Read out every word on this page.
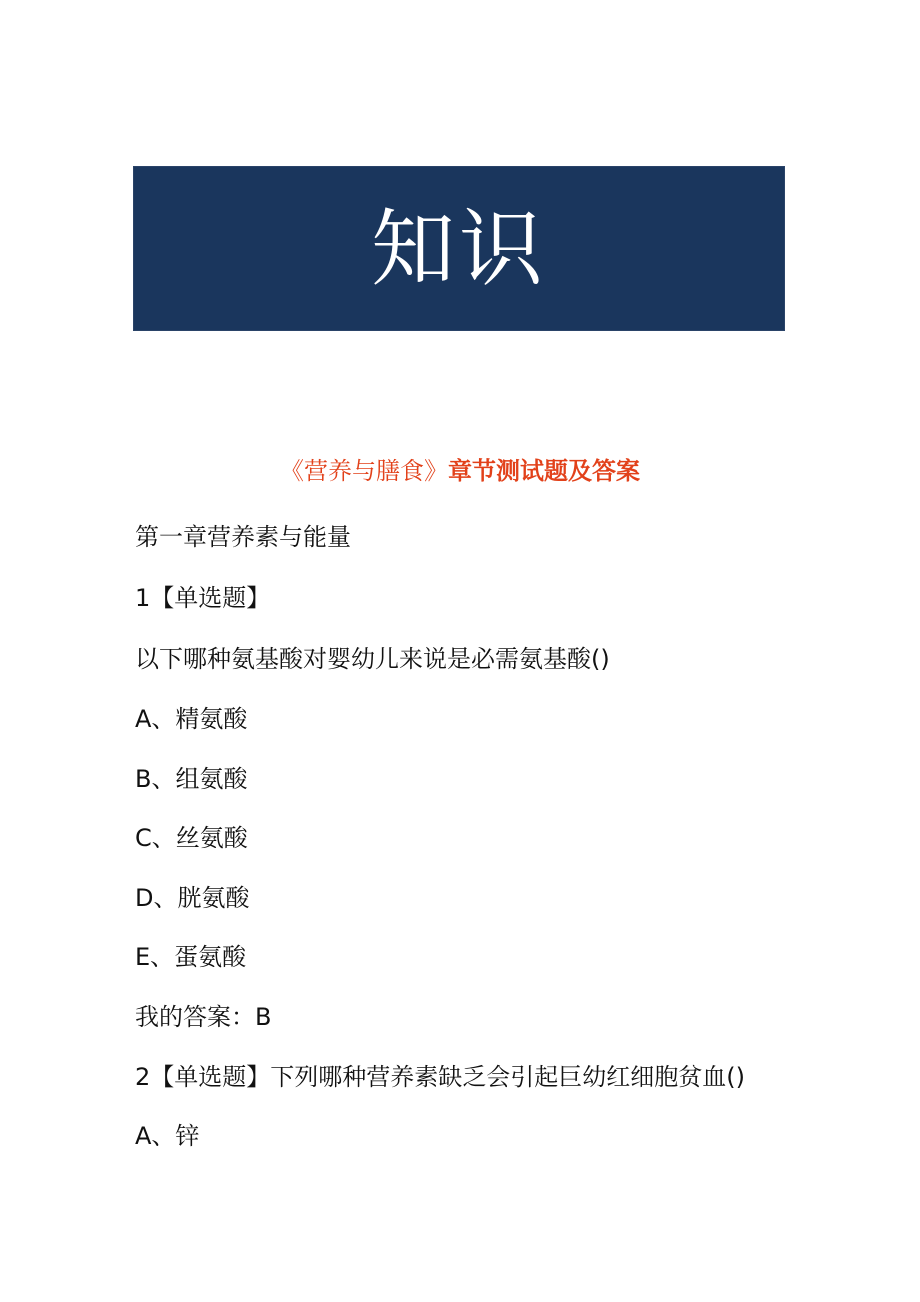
知识
《营养与膳食》章节测试题及答案
第一章营养素与能量
1【单选题】
以下哪种氨基酸对婴幼儿来说是必需氨基酸()
A、精氨酸
B、组氨酸
C、丝氨酸
D、胱氨酸
E、蛋氨酸
我的答案：B
2【单选题】下列哪种营养素缺乏会引起巨幼红细胞贫血()
A、锌
